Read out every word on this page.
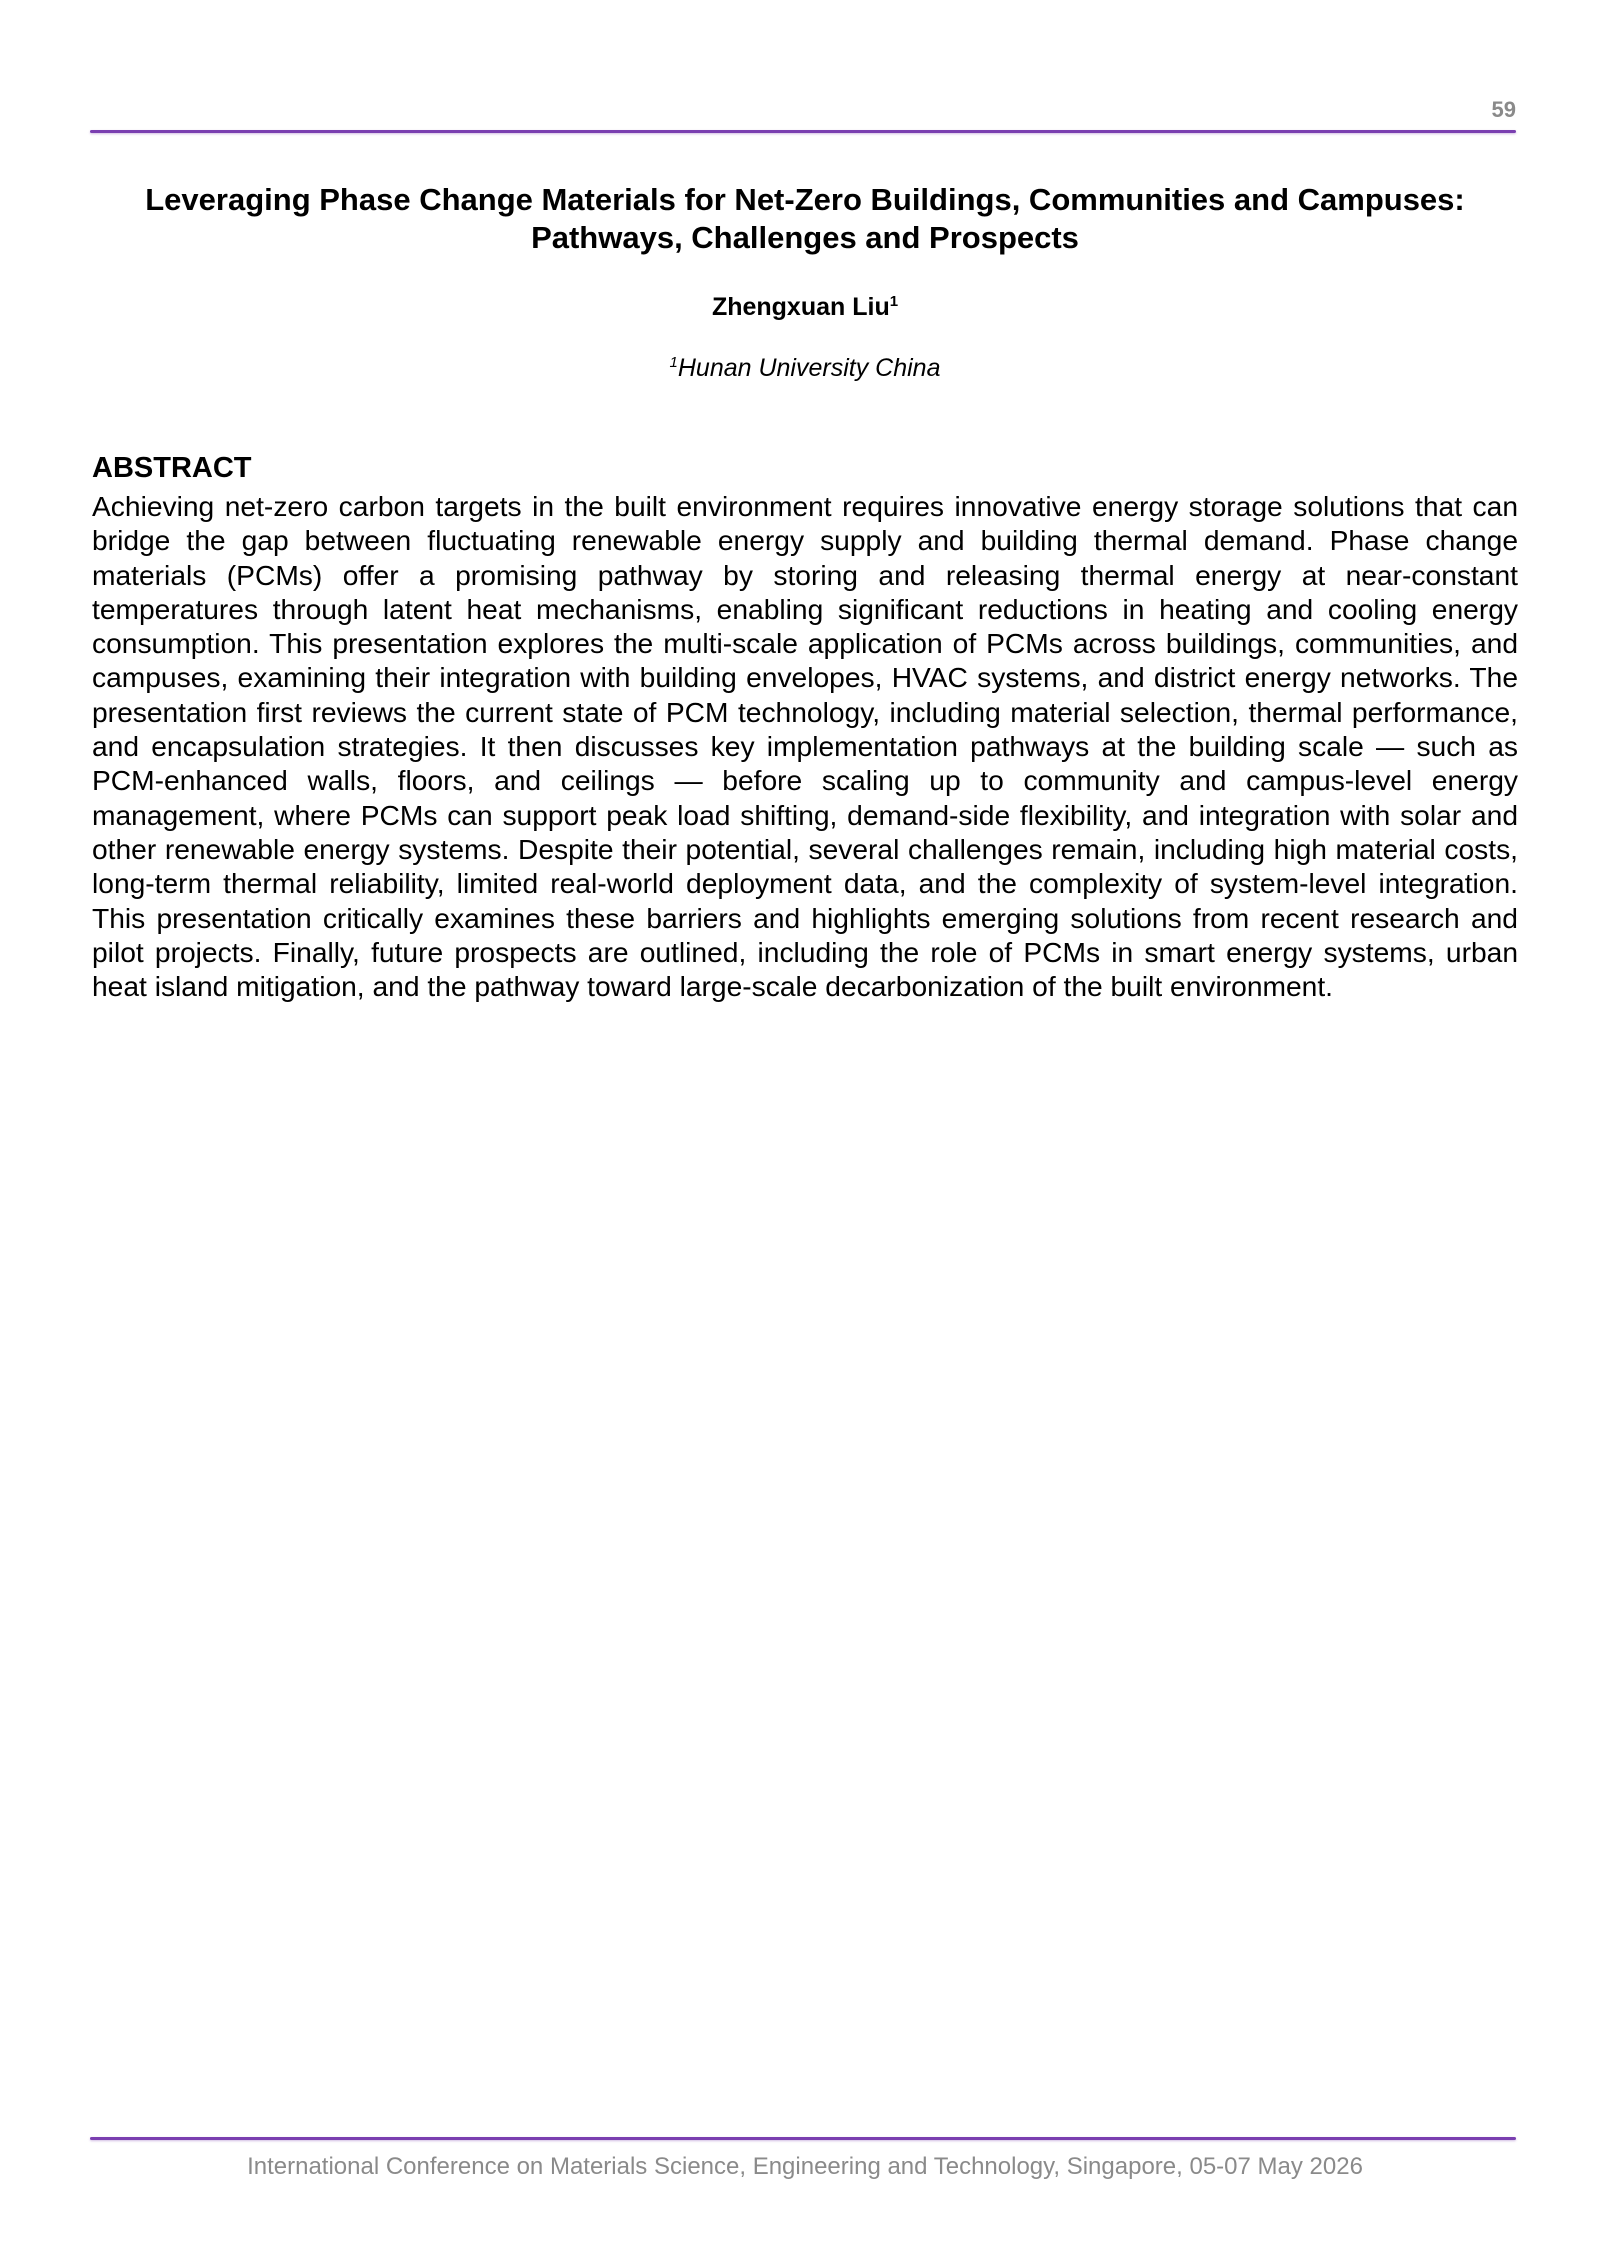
59
Leveraging Phase Change Materials for Net-Zero Buildings, Communities and Campuses:
Pathways, Challenges and Prospects
Zhengxuan Liu$^1$
$^1$Hunan University China
ABSTRACT

Achieving net-zero carbon targets in the built environment requires innovative energy storage solutions that can bridge the gap between fluctuating renewable energy supply and building thermal demand. Phase change materials (PCMs) offer a promising pathway by storing and releasing thermal energy at near-constant temperatures through latent heat mechanisms, enabling significant reductions in heating and cooling energy consumption. This presentation explores the multi-scale application of PCMs across buildings, communities, and campuses, examining their integration with building envelopes, HVAC systems, and district energy networks. The presentation first reviews the current state of PCM technology, including material selection, thermal performance, and encapsulation strategies. It then discusses key implementation pathways at the building scale — such as PCM-enhanced walls, floors, and ceilings — before scaling up to community and campus-level energy management, where PCMs can support peak load shifting, demand-side flexibility, and integration with solar and other renewable energy systems. Despite their potential, several challenges remain, including high material costs, long-term thermal reliability, limited real-world deployment data, and the complexity of system-level integration. This presentation critically examines these barriers and highlights emerging solutions from recent research and pilot projects. Finally, future prospects are outlined, including the role of PCMs in smart energy systems, urban heat island mitigation, and the pathway toward large-scale decarbonization of the built environment.

International Conference on Materials Science, Engineering and Technology, Singapore, 05-07 May 2026
